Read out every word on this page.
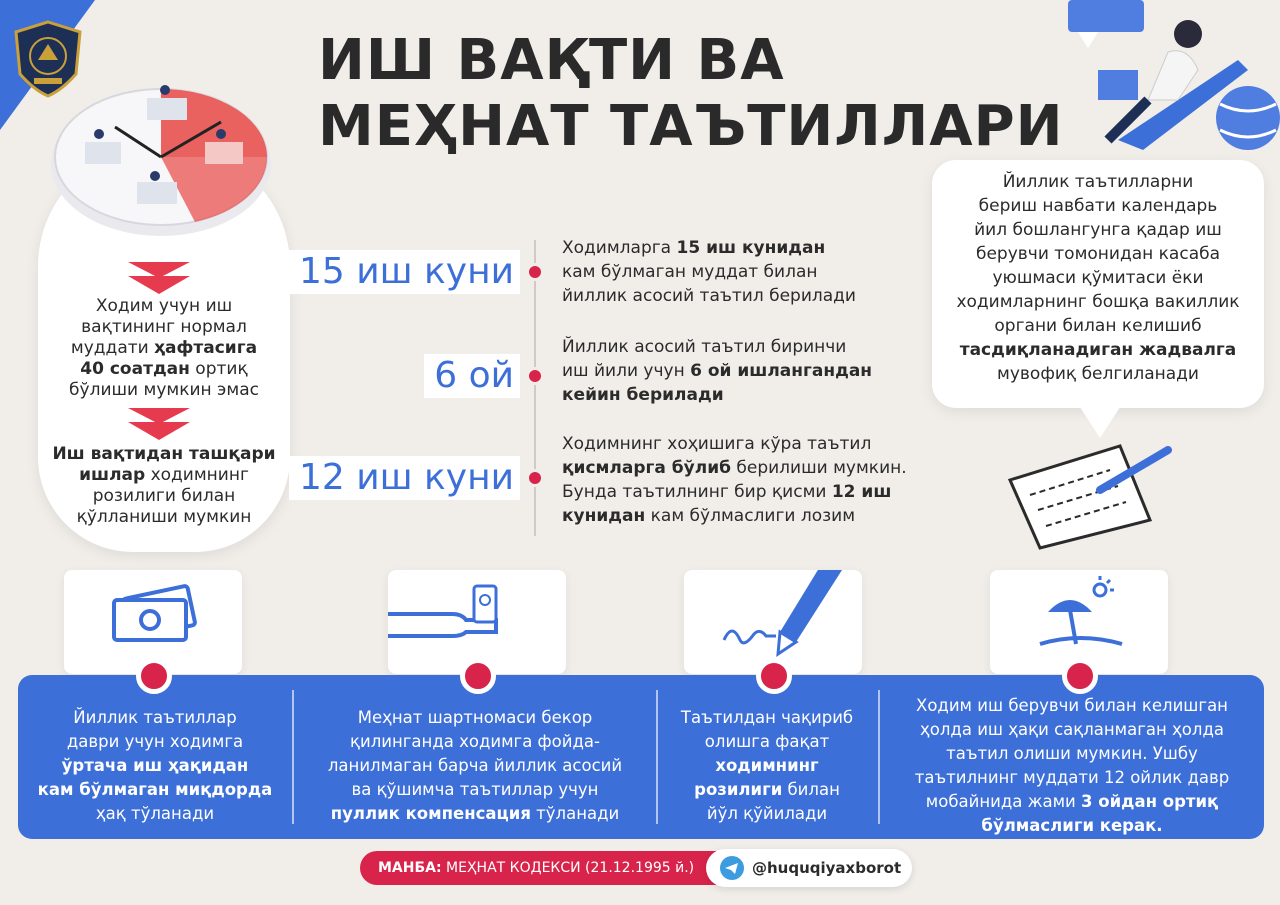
ИШ ВАҚТИ ВА
МЕҲНАТ ТАЪТИЛЛАРИ
Ходим учун иш
вақтининг нормал
муддати ҳафтасига
40 соатдан ортиқ
бўлиши мумкин эмас
Иш вақтидан ташқари
ишлар ходимнинг
розилиги билан
қўлланиши мумкин
15 иш куни
Ходимларга 15 иш кунидан
кам бўлмаган муддат билан
йиллик асосий таътил берилади
6 ой
Йиллик асосий таътил биринчи
иш йили учун 6 ой ишлангандан
кейин берилади
12 иш куни
Ходимнинг хоҳишига кўра таътил
қисмларга бўлиб берилиши мумкин.
Бунда таътилнинг бир қисми 12 иш
кунидан кам бўлмаслиги лозим
Йиллик таътилларни
бериш навбати календарь
йил бошлангунга қадар иш
берувчи томонидан касаба
уюшмаси қўмитаси ёки
ходимларнинг бошқа вакиллик
органи билан келишиб
тасдиқланадиган жадвалга
мувофиқ белгиланади
Йиллик таътиллар
даври учун ходимга
ўртача иш ҳақидан
кам бўлмаган миқдорда
ҳақ тўланади
Меҳнат шартномаси бекор
қилинганда ходимга фойда-
ланилмаган барча йиллик асосий
ва қўшимча таътиллар учун
пуллик компенсация тўланади
Таътилдан чақириб
олишга фақат
ходимнинг
розилиги билан
йўл қўйилади
Ходим иш берувчи билан келишган
ҳолда иш ҳақи сақланмаган ҳолда
таътил олиши мумкин. Ушбу
таътилнинг муддати 12 ойлик давр
мобайнида жами 3 ойдан ортиқ
бўлмаслиги керак.
МАНБА: МЕҲНАТ КОДЕКСИ (21.12.1995 й.)	@huquqiyaxborot
